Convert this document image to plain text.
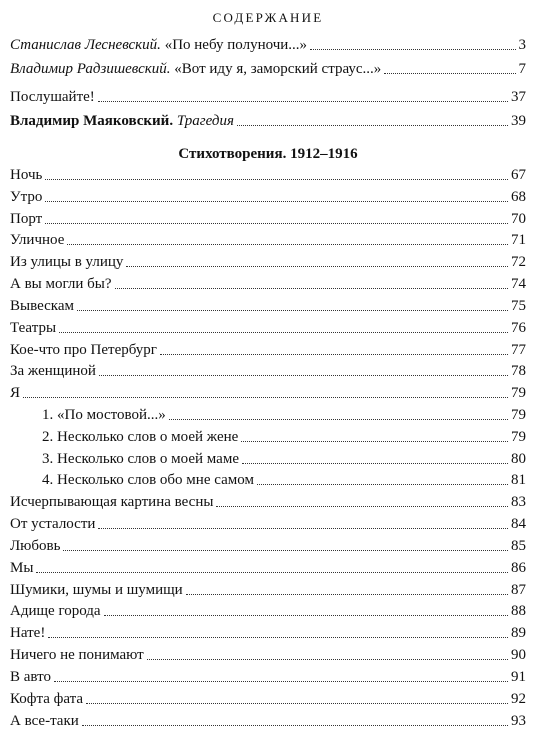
СОДЕРЖАНИЕ
Станислав Лесневский. «По небу полуночи...»	3
Владимир Радзишевский. «Вот иду я, заморский страус...»	7
Послушайте!	37
Владимир Маяковский. Трагедия	39
Стихотворения. 1912–1916
Ночь	67
Утро	68
Порт	70
Уличное	71
Из улицы в улицу	72
А вы могли бы?	74
Вывескам	75
Театры	76
Кое-что про Петербург	77
За женщиной	78
Я	79
1. «По мостовой...»	79
2. Несколько слов о моей жене	79
3. Несколько слов о моей маме	80
4. Несколько слов обо мне самом	81
Исчерпывающая картина весны	83
От усталости	84
Любовь	85
Мы	86
Шумики, шумы и шумищи	87
Адище города	88
Нате!	89
Ничего не понимают	90
В авто	91
Кофта фата	92
А все-таки	93
